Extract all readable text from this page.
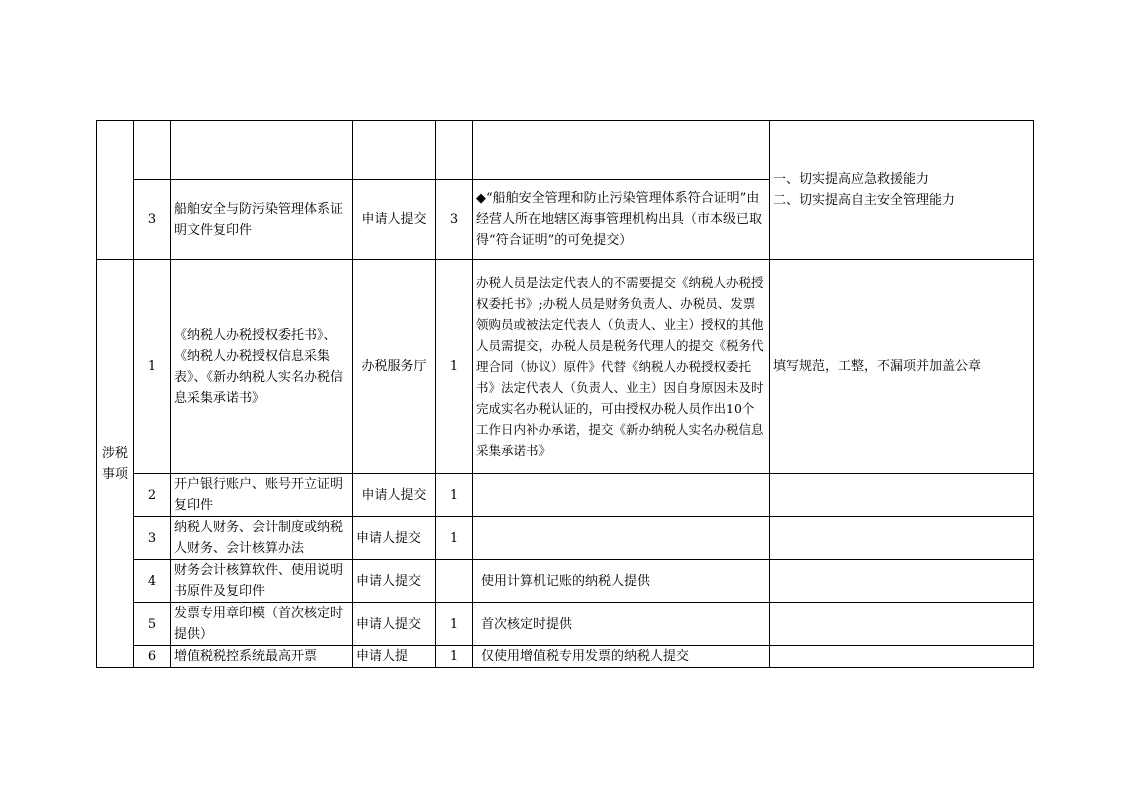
						一、切实提高应急救援能力
二、切实提高自主安全管理能力

	3	船舶安全与防污染管理体系证明文件复印件	申请人提交	3	◆“船舶安全管理和防止污染管理体系符合证明”由经营人所在地辖区海事管理机构出具（市本级已取得“符合证明”的可免提交）	
涉税事项	1	《纳税人办税授权委托书》、《纳税人办税授权信息采集表》、《新办纳税人实名办税信息采集承诺书》	办税服务厅	1	办税人员是法定代表人的不需要提交《纳税人办税授权委托书》;办税人员是财务负责人、办税员、发票领购员或被法定代表人（负责人、业主）授权的其他人员需提交，办税人员是税务代理人的提交《税务代理合同（协议）原件》代替《纳税人办税授权委托书》法定代表人（负责人、业主）因自身原因未及时完成实名办税认证的，可由授权办税人员作出10个工作日内补办承诺，提交《新办纳税人实名办税信息采集承诺书》	填写规范，工整，不漏项并加盖公章
	2	开户银行账户、账号开立证明复印件	申请人提交	1		
	3	纳税人财务、会计制度或纳税人财务、会计核算办法	申请人提交	1		
	4	财务会计核算软件、使用说明书原件及复印件	申请人提交		使用计算机记账的纳税人提供	
	5	发票专用章印模（首次核定时提供）	申请人提交	1	首次核定时提供	
	6	增值税税控系统最高开票	申请人提	1	仅使用增值税专用发票的纳税人提交	
